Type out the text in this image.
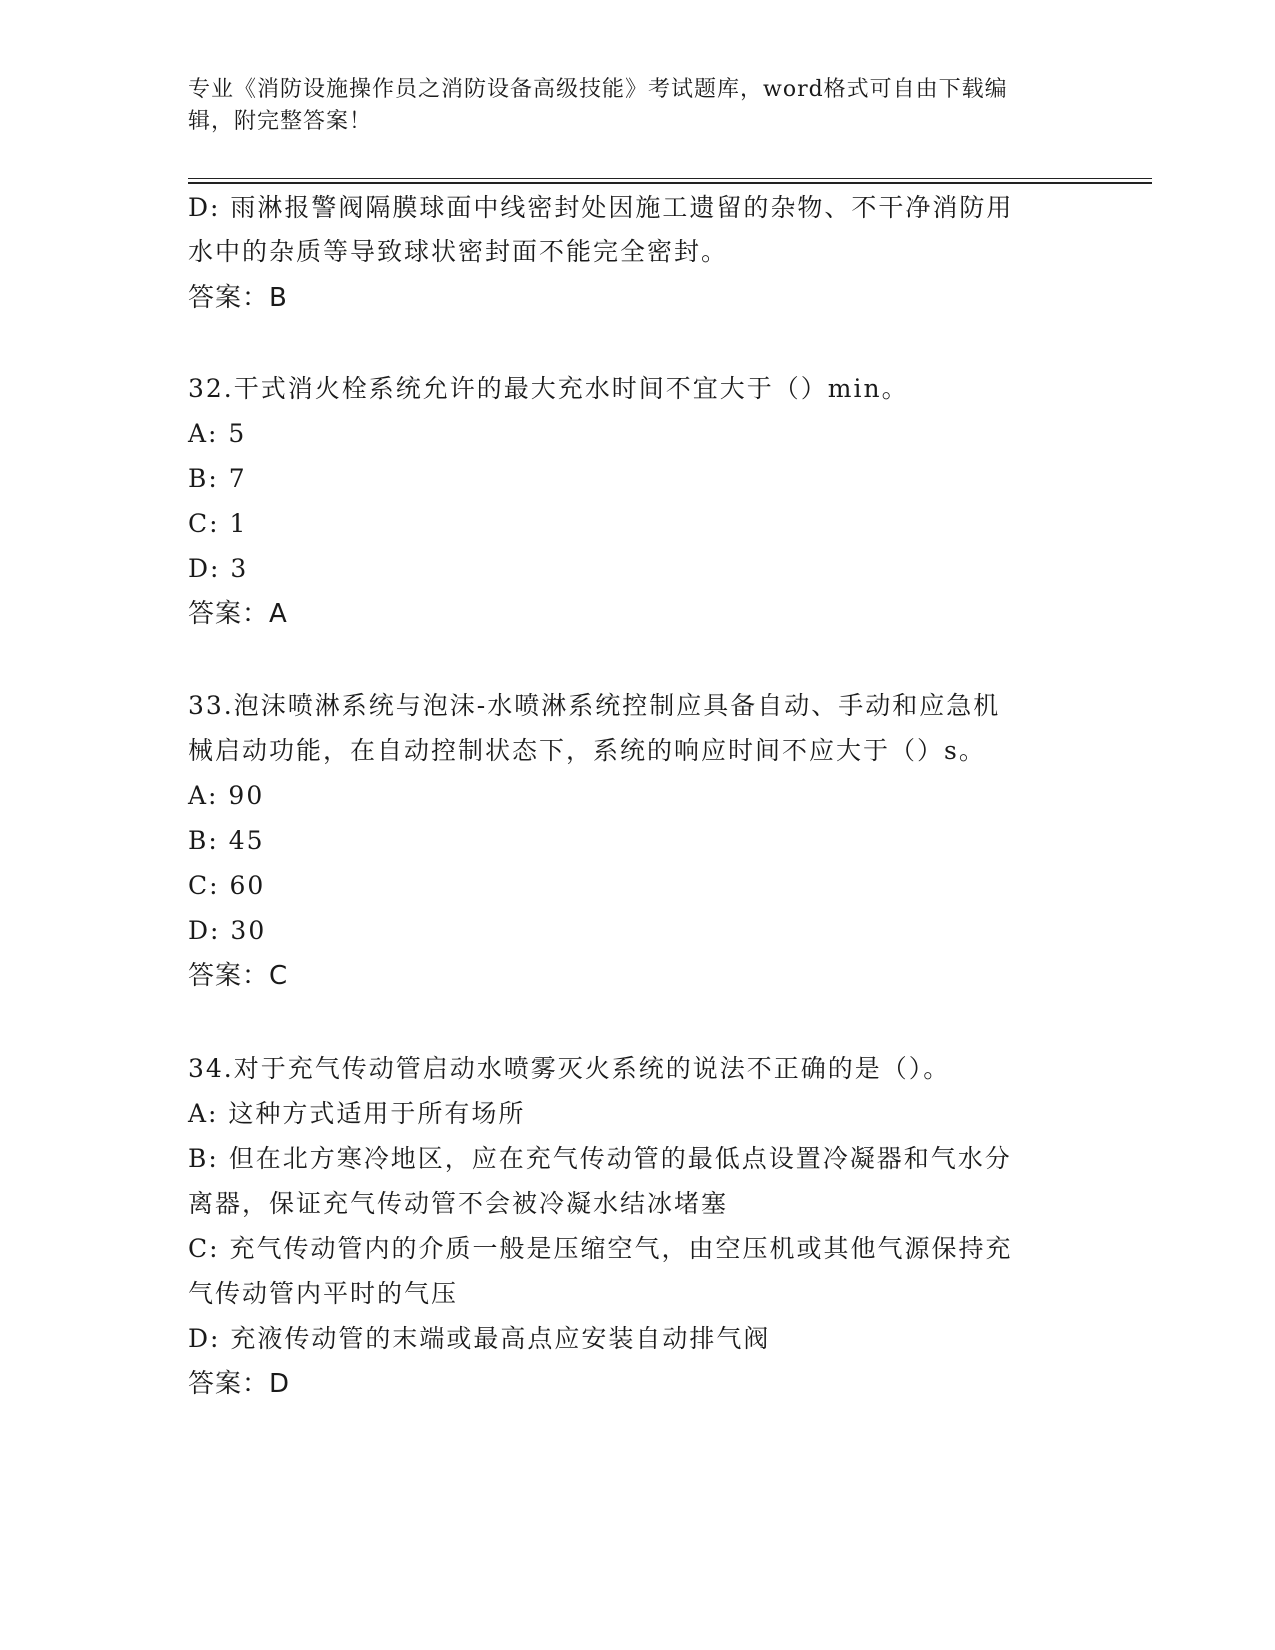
专业《消防设施操作员之消防设备高级技能》考试题库，word格式可自由下载编
辑，附完整答案！
D: 雨淋报警阀隔膜球面中线密封处因施工遗留的杂物、不干净消防用
水中的杂质等导致球状密封面不能完全密封。
答案：B
32.干式消火栓系统允许的最大充水时间不宜大于（）min。
A: 5
B: 7
C: 1
D: 3
答案：A
33.泡沫喷淋系统与泡沫-水喷淋系统控制应具备自动、手动和应急机
械启动功能，在自动控制状态下，系统的响应时间不应大于（）s。
A: 90
B: 45
C: 60
D: 30
答案：C
34.对于充气传动管启动水喷雾灭火系统的说法不正确的是（）。
A: 这种方式适用于所有场所
B: 但在北方寒冷地区，应在充气传动管的最低点设置冷凝器和气水分
离器，保证充气传动管不会被冷凝水结冰堵塞
C: 充气传动管内的介质一般是压缩空气，由空压机或其他气源保持充
气传动管内平时的气压
D: 充液传动管的末端或最高点应安装自动排气阀
答案：D
